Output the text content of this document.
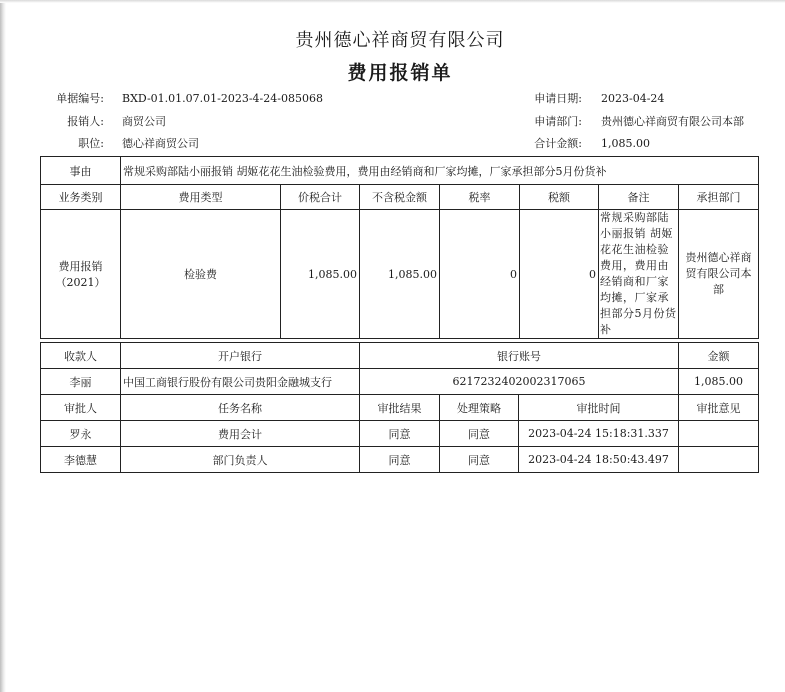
贵州德心祥商贸有限公司
费用报销单
单据编号: BXD-01.01.07.01-2023-4-24-085068	申请日期: 2023-04-24
报销人: 商贸公司	申请部门: 贵州德心祥商贸有限公司本部
职位: 德心祥商贸公司	合计金额: 1,085.00
事由	常规采购部陆小丽报销 胡姬花花生油检验费用，费用由经销商和厂家均摊，厂家承担部分5月份货补						
业务类别	费用类型	价税合计	不含税金额	税率	税额	备注	承担部门
费用报销（2021）	检验费	1,085.00	1,085.00	0	0	常规采购部陆小丽报销 胡姬花花生油检验费用，费用由经销商和厂家均摊，厂家承担部分5月份货补	贵州德心祥商贸有限公司本部
收款人	开户银行	银行账号			金额
李丽	中国工商银行股份有限公司贵阳金融城支行	6217232402002317065			1,085.00
审批人	任务名称	审批结果	处理策略	审批时间	审批意见
罗永	费用会计	同意	同意	2023-04-24 15:18:31.337	
李德慧	部门负责人	同意	同意	2023-04-24 18:50:43.497	
